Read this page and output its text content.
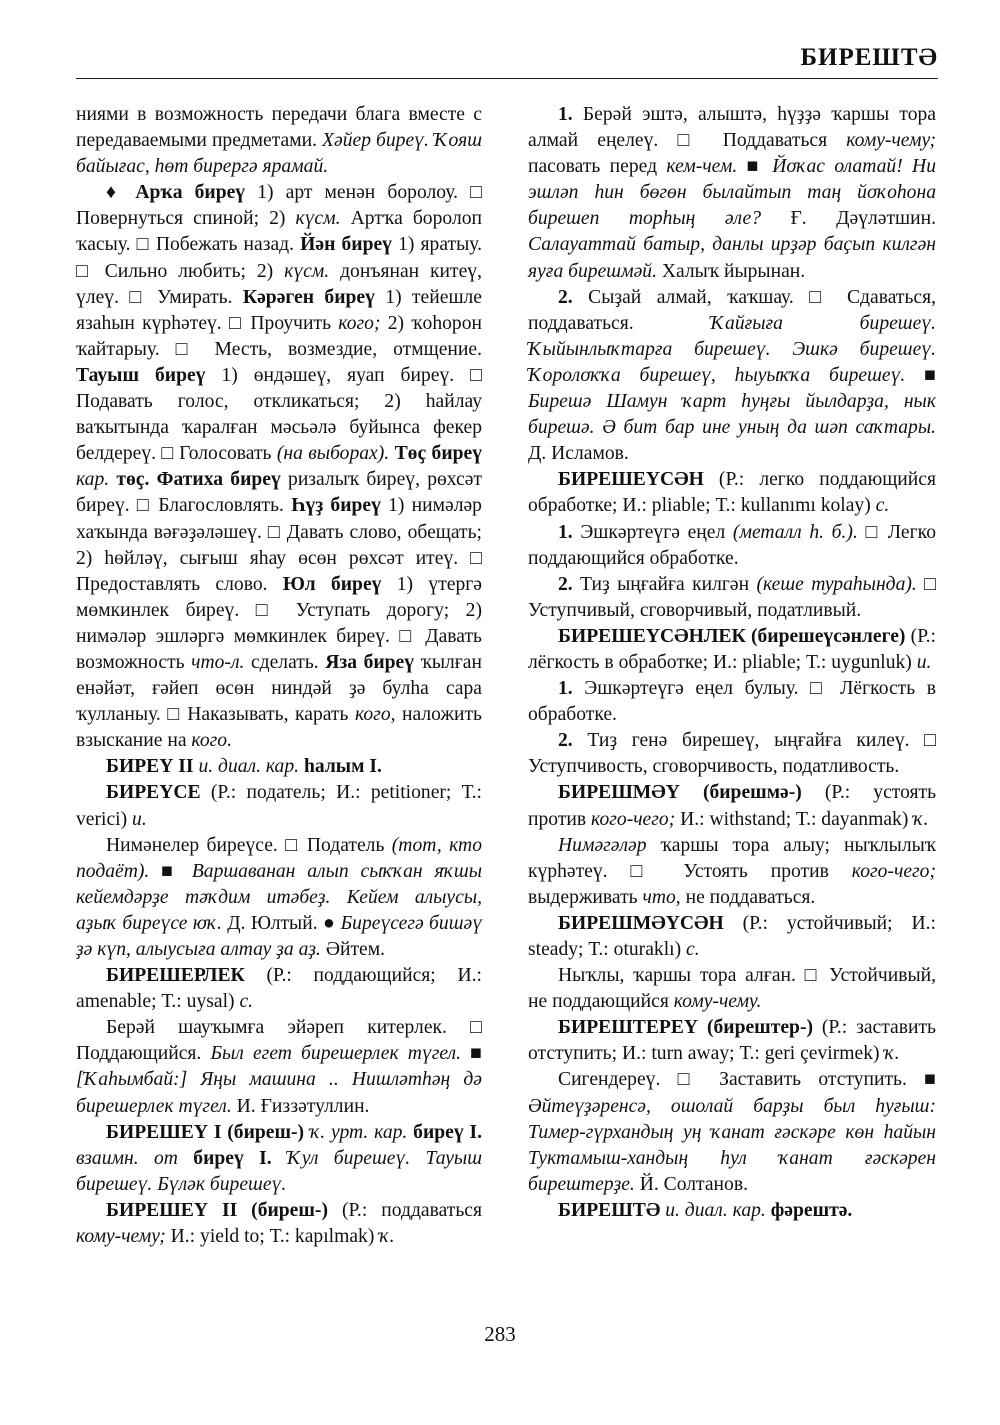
БИРЕШТӘ

ниями в возможность передачи блага вместе с передаваемыми предметами. Хәйер биреү. Ҡояш байығас, һөт бирергә ярамай.

♦ Арҡа биреү 1) арт менән боролоу. □ Повернуться спиной; 2) күсм. Артҡа боролоп ҡасыу. □ Побежать назад. Йән биреү 1) яратыу. □ Сильно любить; 2) күсм. донъянан китеү, үлеү. □ Умирать. Кәрәген биреү 1) тейешле язаһын күрһәтеү. □ Проучить кого; 2) ҡоһорон ҡайтарыу. □ Месть, возмездие, отмщение. Тауыш биреү 1) өндәшеү, яуап биреү. □ Подавать голос, откликаться; 2) һайлау ваҡытында ҡаралған мәсьәлә буйынса фекер белдереү. □ Голосовать (на выборах). Төҫ биреү кар. төҫ. Фатиха биреү ризалыҡ биреү, рөхсәт биреү. □ Благословлять. Һүҙ биреү 1) нимәләр хаҡында вәғәҙәләшеү. □ Давать слово, обещать; 2) һөйләү, сығыш яһау өсөн рөхсәт итеү. □ Предоставлять слово. Юл биреү 1) үтергә мөмкинлек биреү. □ Уступать дорогу; 2) нимәләр эшләргә мөмкинлек биреү. □ Давать возможность что-л. сделать. Яза биреү ҡылған енәйәт, ғәйеп өсөн ниндәй ҙә булһа сара ҡулланыу. □ Наказывать, карать кого, наложить взыскание на кого.

БИРЕҮ II и. диал. кар. һалым I.

БИРЕҮСЕ (Р.: податель; И.: petitioner; Т.: verici) и.

Нимәнелер биреүсе. □ Податель (тот, кто подаёт). ■ Варшаванан алып сыҡҡан яҡшы кейемдәрҙе тәҡдим итәбеҙ. Кейем алыусы, аҙыҡ биреүсе юҡ. Д. Юлтый. ● Биреүсегә бишәү ҙә күп, алыусыға алтау ҙа аҙ. Әйтем.

БИРЕШЕРЛЕК (Р.: поддающийся; И.: amenable; Т.: uysal) с.

Берәй шауҡымға эйәреп китерлек. □ Поддающийся. Был егет бирешерлек түгел. ■ [Ҡаһымбай:] Яңы машина .. Нишләтһәң дә бирешерлек түгел. И. Ғиззәтуллин.

БИРЕШЕҮ I (биреш-) ҡ. урт. кар. биреү I. взаимн. от биреү I. Ҡул бирешеү. Тауыш бирешеү. Бүләк бирешеү.

БИРЕШЕҮ II (биреш-) (Р.: поддаваться кому-чему; И.: yield to; Т.: kapılmak) ҡ.

1. Берәй эштә, алыштә, һүҙҙә ҡаршы тора алмай еңелеү. □ Поддаваться кому-чему; пасовать перед кем-чем. ■ Йоҡас олатай! Ни эшләп һин бөгөн былайтып таң йоҡоһона бирешеп торһың әле? Ғ. Дәүләтшин. Салауаттай батыр, данлы ирҙәр баҫып килгән яуға бирешмәй. Халыҡ йырынан.

2. Сыҙай алмай, ҡаҡшау. □ Сдаваться, поддаваться. Ҡайғыға бирешеү. Ҡыйынлыҡтарға бирешеү. Эшкә бирешеү. Ҡоролоҡҡа бирешеү, һыуыҡҡа бирешеү. ■ Бирешә Шамун ҡарт һуңғы йылдарҙа, нык бирешә. Ә бит бар ине уның да шәп саҡтары. Д. Исламов.

БИРЕШЕҮСӘН (Р.: легко поддающийся обработке; И.: pliable; Т.: kullanımı kolay) с.

1. Эшкәртеүгә еңел (металл һ. б.). □ Легко поддающийся обработке.

2. Тиҙ ыңғайға килгән (кеше тураһында). □ Уступчивый, сговорчивый, податливый.

БИРЕШЕҮСӘНЛЕК (бирешеүсәнлеге) (Р.: лёгкость в обработке; И.: pliable; Т.: uygunluk) и.

1. Эшкәртеүгә еңел булыу. □ Лёгкость в обработке.

2. Тиҙ генә бирешеү, ыңғайға килеү. □ Уступчивость, сговорчивость, податливость.

БИРЕШМӘҮ (бирешмә-) (Р.: устоять против кого-чего; И.: withstand; Т.: dayanmak) ҡ.

Нимәгәләр ҡаршы тора алыу; ныҡлылыҡ күрһәтеү. □ Устоять против кого-чего; выдерживать что, не поддаваться.

БИРЕШМӘҮСӘН (Р.: устойчивый; И.: steady; Т.: oturaklı) с.

Ныҡлы, ҡаршы тора алған. □ Устойчивый, не поддающийся кому-чему.

БИРЕШТЕРЕҮ (бирештер-) (Р.: заставить отступить; И.: turn away; Т.: geri çevirmek) ҡ.

Сигендереү. □ Заставить отступить. ■ Әйтеүҙәренсә, ошолай барҙы был һуғыш: Тимер-гүрхандың уң ҡанат ғәскәре көн һайын Туктамыш-хандың һул ҡанат ғәскәрен бирештерҙе. Й. Солтанов.

БИРЕШТӘ и. диал. кар. фәрештә.

283
